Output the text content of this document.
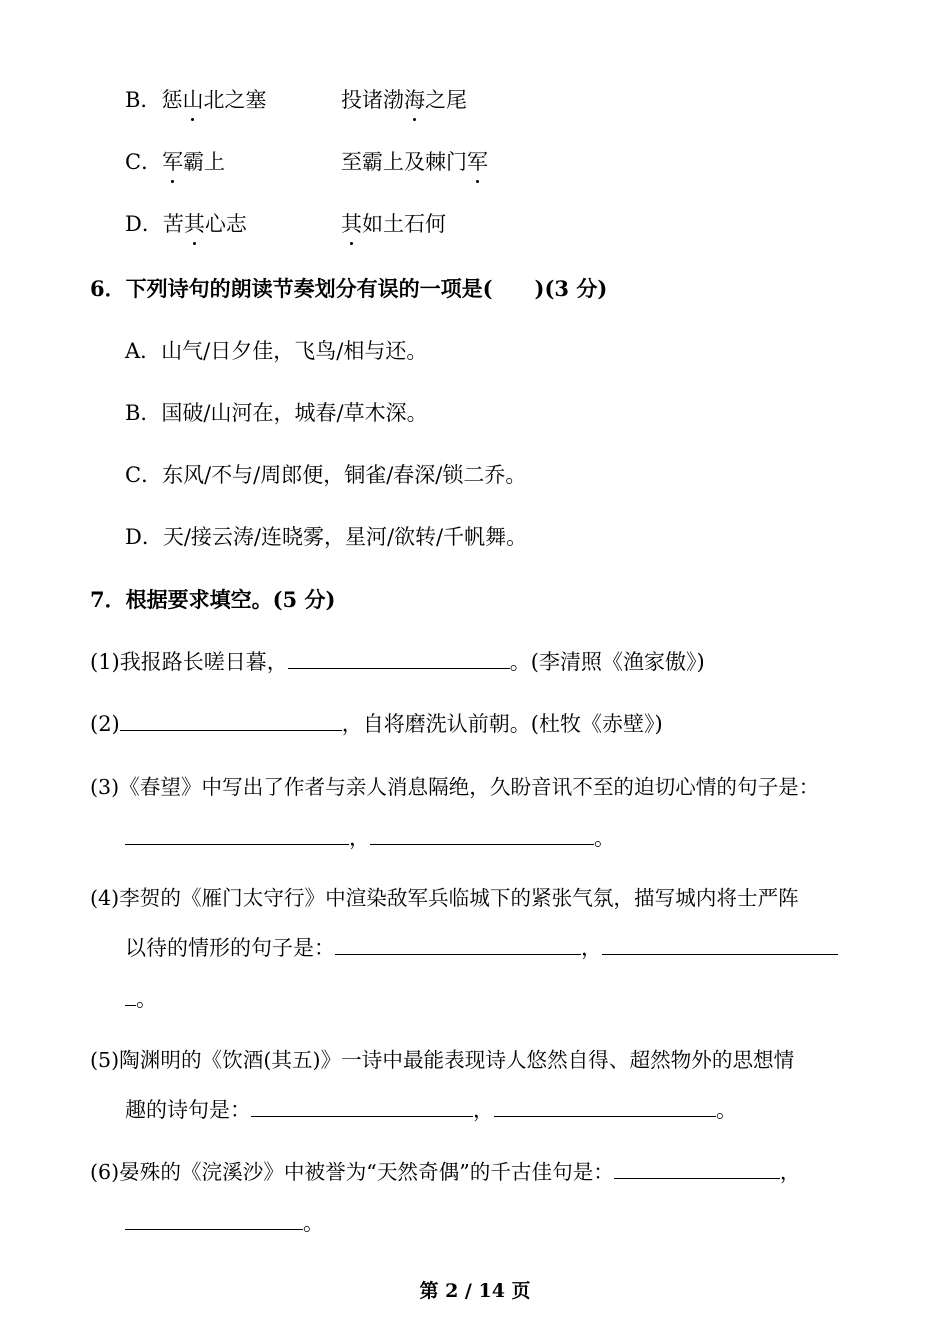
B．惩山北之塞	投诸渤海之尾
C．军霸上	至霸上及棘门军
D．苦其心志	其如土石何
6．下列诗句的朗读节奏划分有误的一项是(　　)(3 分)
A．山气/日夕佳，飞鸟/相与还。
B．国破/山河在，城春/草木深。
C．东风/不与/周郎便，铜雀/春深/锁二乔。
D．天/接云涛/连晓雾，星河/欲转/千帆舞。
7．根据要求填空。(5 分)
(1)我报路长嗟日暮，	。(李清照《渔家傲》)
(2)	，自将磨洗认前朝。(杜牧《赤壁》)
(3)《春望》中写出了作者与亲人消息隔绝，久盼音讯不至的迫切心情的句子是：
，	。
(4)李贺的《雁门太守行》中渲染敌军兵临城下的紧张气氛，描写城内将士严阵
以待的情形的句子是：	，
。
(5)陶渊明的《饮酒(其五)》一诗中最能表现诗人悠然自得、超然物外的思想情
趣的诗句是：	，	。
(6)晏殊的《浣溪沙》中被誉为“天然奇偶”的千古佳句是：	，
。
第 2 / 14 页
